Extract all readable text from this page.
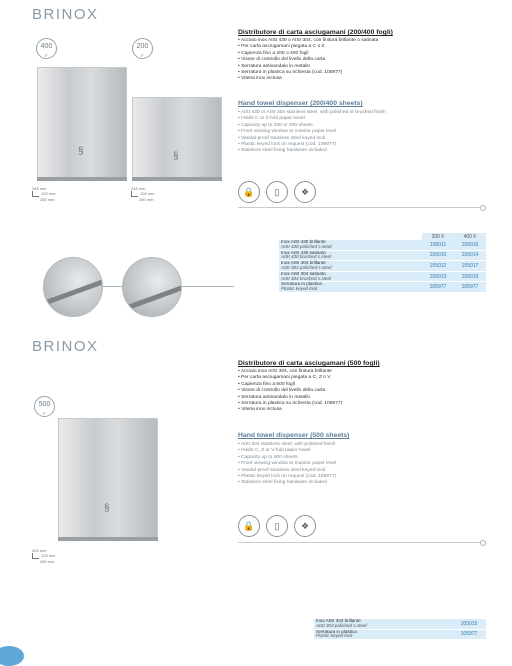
BRINOX
400
F
200
F
§	§
345 mm
102 mm
280 mm
245 mm
102 mm
280 mm
Distributore di carta asciugamani (200/400 fogli)
• Acciaio inox AISI 430 o AISI 304, con finitura brillante o satinata
• Per carta asciugamani piegata a C o Z
• Capienza fino a 200 o 400 fogli
• Visore di controllo del livello della carta
• Serratura antivandalo in metallo
• Serratura in plastica su richiesta (cod. 105977)
• Viteria inox inclusa
Hand towel dispenser (200/400 sheets)
• AISI 430 or AISI 304 stainless steel, with polished or brushed finish
• Holds C or Z-fold paper towel
• Capacity up to 200 or 400 sheets
• Front viewing window to monitor paper level
• Vandal-proof stainless steel keyed lock
• Plastic keyed lock on request (cod. 105977)
• Stainless steel fixing hardware included
🔒	▯	❖
	200 F	400 F
Inox AISI 430 brillante
AISI 430 polished s.steel	105011	105016
Inox AISI 430 satinato
AISI 430 brushed s.steel	105010	105014
Inox AISI 304 brillante
AISI 304 polished s.steel	105012	105017
Inox AISI 304 satinato
AISI 304 brushed s.steel	105013	105019
Serratura in plastica
Plastic keyed lock	105977	105977
BRINOX
500
F
§
400 mm
125 mm
280 mm
Distributore di carta asciugamani (500 fogli)
• Acciaio inox AISI 304, con finitura brillante
• Per carta asciugamani piegata a C, Z o V
• Capienza fino a 500 fogli
• Visore di controllo del livello della carta
• Serratura antivandalo in metallo
• Serratura in plastica su richiesta (cod. 105977)
• Viteria inox inclusa
Hand towel dispenser (500 sheets)
• AISI 304 stainless steel, with polished finish
• Holds C, Z or V-fold paper towel
• Capacity up to 500 sheets
• Front viewing window to monitor paper level
• Vandal-proof stainless steel keyed lock
• Plastic keyed lock on request (cod. 105977)
• Stainless steel fixing hardware included
🔒	▯	❖
Inox AISI 304 brillante
AISI 304 polished s.steel	105015
Serratura in plastica
Plastic keyed lock	105977
